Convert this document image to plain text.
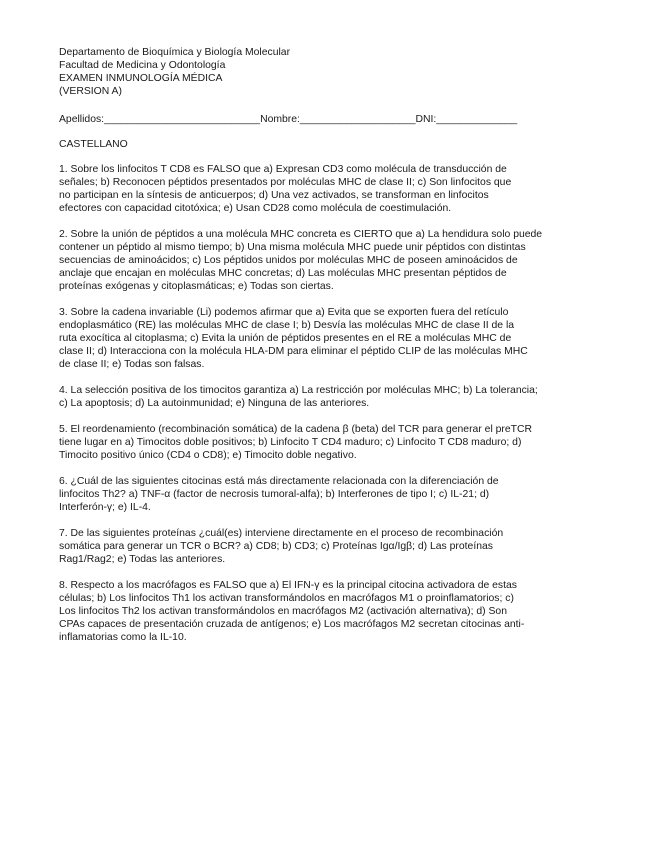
Departamento de Bioquímica y Biología Molecular
Facultad de Medicina y Odontología
EXAMEN INMUNOLOGÍA MÉDICA
(VERSION A)
Apellidos:___________________________Nombre:____________________DNI:______________
CASTELLANO
1. Sobre los linfocitos T CD8 es FALSO que a) Expresan CD3 como molécula de transducción de
señales; b) Reconocen péptidos presentados por moléculas MHC de clase II; c) Son linfocitos que
no participan en la síntesis de anticuerpos; d) Una vez activados, se transforman en linfocitos
efectores con capacidad citotóxica; e) Usan CD28 como molécula de coestimulación.
2. Sobre la unión de péptidos a una molécula MHC concreta es CIERTO que a) La hendidura solo puede
contener un péptido al mismo tiempo; b) Una misma molécula MHC puede unir péptidos con distintas
secuencias de aminoácidos; c) Los péptidos unidos por moléculas MHC de poseen aminoácidos de
anclaje que encajan en moléculas MHC concretas; d) Las moléculas MHC presentan péptidos de
proteínas exógenas y citoplasmáticas; e) Todas son ciertas.
3. Sobre la cadena invariable (Li) podemos afirmar que a) Evita que se exporten fuera del retículo
endoplasmático (RE) las moléculas MHC de clase I; b) Desvía las moléculas MHC de clase II de la
ruta exocítica al citoplasma; c) Evita la unión de péptidos presentes en el RE a moléculas MHC de
clase II; d) Interacciona con la molécula HLA-DM para eliminar el péptido CLIP de las moléculas MHC
de clase II; e) Todas son falsas.
4. La selección positiva de los timocitos garantiza a) La restricción por moléculas MHC; b) La tolerancia;
c) La apoptosis; d) La autoinmunidad; e) Ninguna de las anteriores.
5. El reordenamiento (recombinación somática) de la cadena β (beta) del TCR para generar el preTCR
tiene lugar en a) Timocitos doble positivos; b) Linfocito T CD4 maduro; c) Linfocito T CD8 maduro; d)
Timocito positivo único (CD4 o CD8); e) Timocito doble negativo.
6. ¿Cuál de las siguientes citocinas está más directamente relacionada con la diferenciación de
linfocitos Th2? a) TNF-α (factor de necrosis tumoral-alfa); b) Interferones de tipo I; c) IL-21; d)
Interferón-γ; e) IL-4.
7. De las siguientes proteínas ¿cuál(es) interviene directamente en el proceso de recombinación
somática para generar un TCR o BCR? a) CD8; b) CD3; c) Proteínas Igα/Igβ; d) Las proteínas
Rag1/Rag2; e) Todas las anteriores.
8. Respecto a los macrófagos es FALSO que a) El IFN-γ es la principal citocina activadora de estas
células; b) Los linfocitos Th1 los activan transformándolos en macrófagos M1 o proinflamatorios; c)
Los linfocitos Th2 los activan transformándolos en macrófagos M2 (activación alternativa); d) Son
CPAs capaces de presentación cruzada de antígenos; e) Los macrófagos M2 secretan citocinas anti-
inflamatorias como la IL-10.
